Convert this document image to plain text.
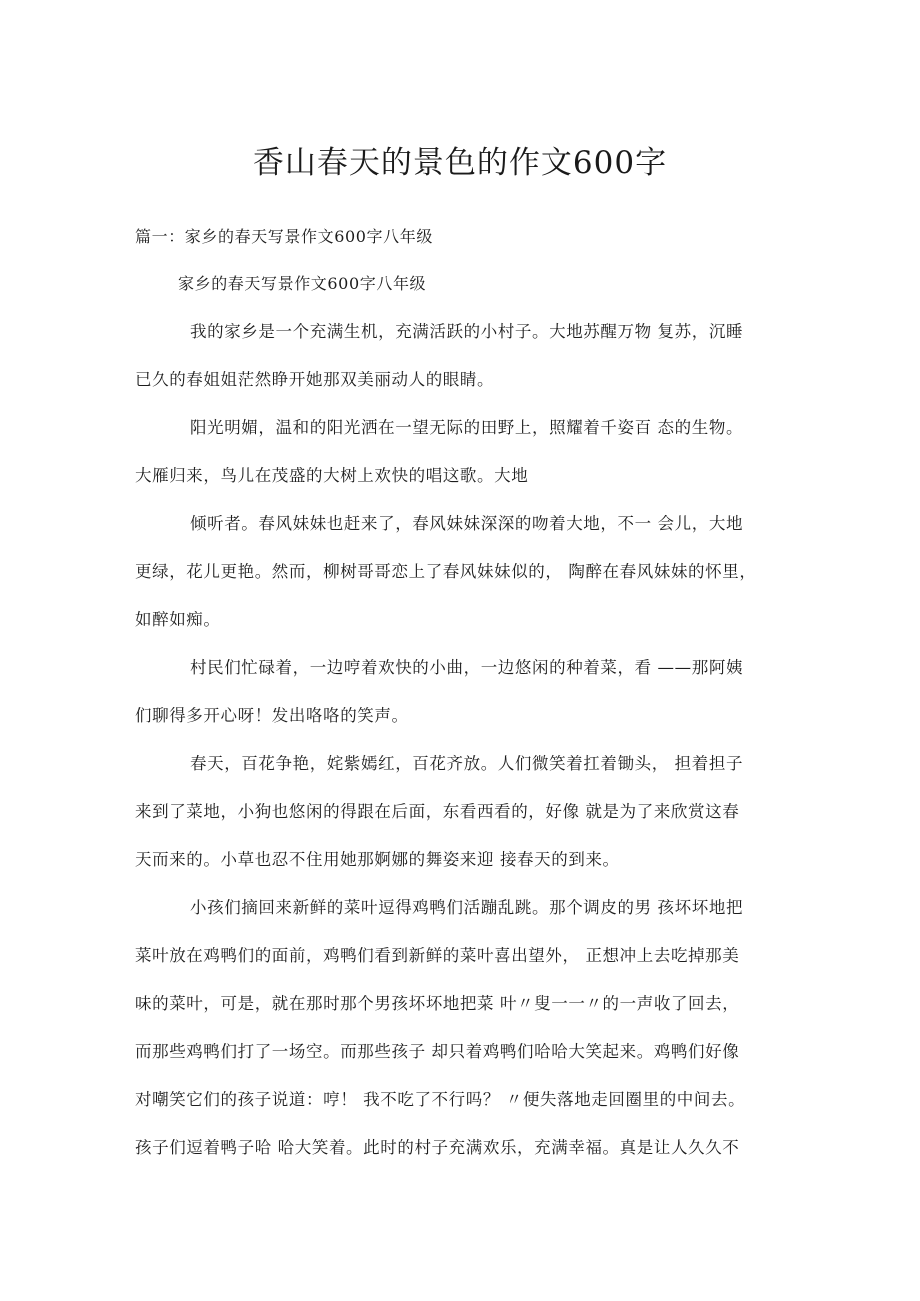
香山春天的景色的作文600字
篇一：家乡的春天写景作文600字八年级
家乡的春天写景作文600字八年级
我的家乡是一个充满生机，充满活跃的小村子。大地苏醒万物 复苏，沉睡
已久的春姐姐茫然睁开她那双美丽动人的眼睛。
阳光明媚，温和的阳光洒在一望无际的田野上，照耀着千姿百 态的生物。
大雁归来，鸟儿在茂盛的大树上欢快的唱这歌。大地
倾听者。春风妹妹也赶来了，春风妹妹深深的吻着大地，不一 会儿，大地
更绿，花儿更艳。然而，柳树哥哥恋上了春风妹妹似的， 陶醉在春风妹妹的怀里，
如醉如痴。
村民们忙碌着，一边哼着欢快的小曲，一边悠闲的种着菜，看 ——那阿姨
们聊得多开心呀！发出咯咯的笑声。
春天，百花争艳，姹紫嫣红，百花齐放。人们微笑着扛着锄头， 担着担子
来到了菜地，小狗也悠闲的得跟在后面，东看西看的，好像 就是为了来欣赏这春
天而来的。小草也忍不住用她那婀娜的舞姿来迎 接春天的到来。
小孩们摘回来新鲜的菜叶逗得鸡鸭们活蹦乱跳。那个调皮的男 孩坏坏地把
菜叶放在鸡鸭们的面前，鸡鸭们看到新鲜的菜叶喜出望外， 正想冲上去吃掉那美
味的菜叶，可是，就在那时那个男孩坏坏地把菜 叶〃叟一一〃的一声收了回去，
而那些鸡鸭们打了一场空。而那些孩子 却只着鸡鸭们哈哈大笑起来。鸡鸭们好像
对嘲笑它们的孩子说道：哼！ 我不吃了不行吗？ 〃便失落地走回圈里的中间去。
孩子们逗着鸭子哈 哈大笑着。此时的村子充满欢乐，充满幸福。真是让人久久不
